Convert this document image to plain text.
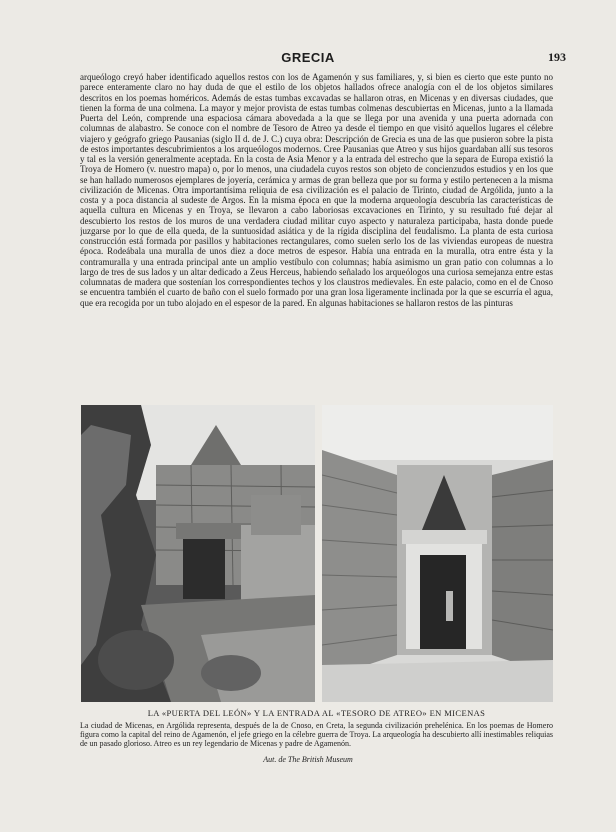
GRECIA	193

arqueólogo creyó haber identificado aquellos restos con los de Agamenón y sus familiares, y, si bien es cierto que este punto no parece enteramente claro no hay duda de que el estilo de los objetos hallados ofrece analogía con el de los objetos similares descritos en los poemas homéricos. Además de estas tumbas excavadas se hallaron otras, en Micenas y en diversas ciudades, que tienen la forma de una colmena. La mayor y mejor provista de estas tumbas colmenas descubiertas en Micenas, junto a la llamada Puerta del León, comprende una espaciosa cámara abovedada a la que se llega por una avenida y una puerta adornada con columnas de alabastro. Se conoce con el nombre de Tesoro de Atreo ya desde el tiempo en que visitó aquellos lugares el célebre viajero y geógrafo griego Pausanias (siglo II d. de J. C.) cuya obra: Descripción de Grecia es una de las que pusieron sobre la pista de estos importantes descubrimientos a los arqueólogos modernos. Cree Pausanias que Atreo y sus hijos guardaban allí sus tesoros y tal es la versión generalmente aceptada. En la costa de Asia Menor y a la entrada del estrecho que la separa de Europa existió la Troya de Homero (v. nuestro mapa) o, por lo menos, una ciudadela cuyos restos son objeto de concienzudos estudios y en los que se han hallado numerosos ejemplares de joyería, cerámica y armas de gran belleza que por su forma y estilo pertenecen a la misma civilización de Micenas. Otra importantísima reliquia de esa civilización es el palacio de Tirinto, ciudad de Argólida, junto a la costa y a poca distancia al sudeste de Argos. En la misma época en que la moderna arqueología descubría las características de aquella cultura en Micenas y en Troya, se llevaron a cabo laboriosas excavaciones en Tirinto, y su resultado fué dejar al descubierto los restos de los muros de una verdadera ciudad militar cuyo aspecto y naturaleza participaba, hasta donde puede juzgarse por lo que de ella queda, de la suntuosidad asiática y de la rígida disciplina del feudalismo. La planta de esta curiosa construcción está formada por pasillos y habitaciones rectangulares, como suelen serlo los de las viviendas europeas de nuestra época. Rodeábala una muralla de unos diez a doce metros de espesor. Había una entrada en la muralla, otra entre ésta y la contramuralla y una entrada principal ante un amplio vestíbulo con columnas; había asimismo un gran patio con columnas a lo largo de tres de sus lados y un altar dedicado a Zeus Herceus, habiendo señalado los arqueólogos una curiosa semejanza entre estas columnatas de madera que sostenían los correspondientes techos y los claustros medievales. En este palacio, como en el de Cnoso se encuentra también el cuarto de baño con el suelo formado por una gran losa ligeramente inclinada por la que se escurría el agua, que era recogida por un tubo alojado en el espesor de la pared. En algunas habitaciones se hallaron restos de las pinturas

LA «PUERTA DEL LEÓN» Y LA ENTRADA AL «TESORO DE ATREO» EN MICENAS
La ciudad de Micenas, en Argólida representa, después de la de Cnoso, en Creta, la segunda civilización prehelénica. En los poemas de Homero figura como la capital del reino de Agamenón, el jefe griego en la célebre guerra de Troya. La arqueología ha descubierto allí inestimables reliquias de un pasado glorioso. Atreo es un rey legendario de Micenas y padre de Agamenón.
Aut. de The British Museum
